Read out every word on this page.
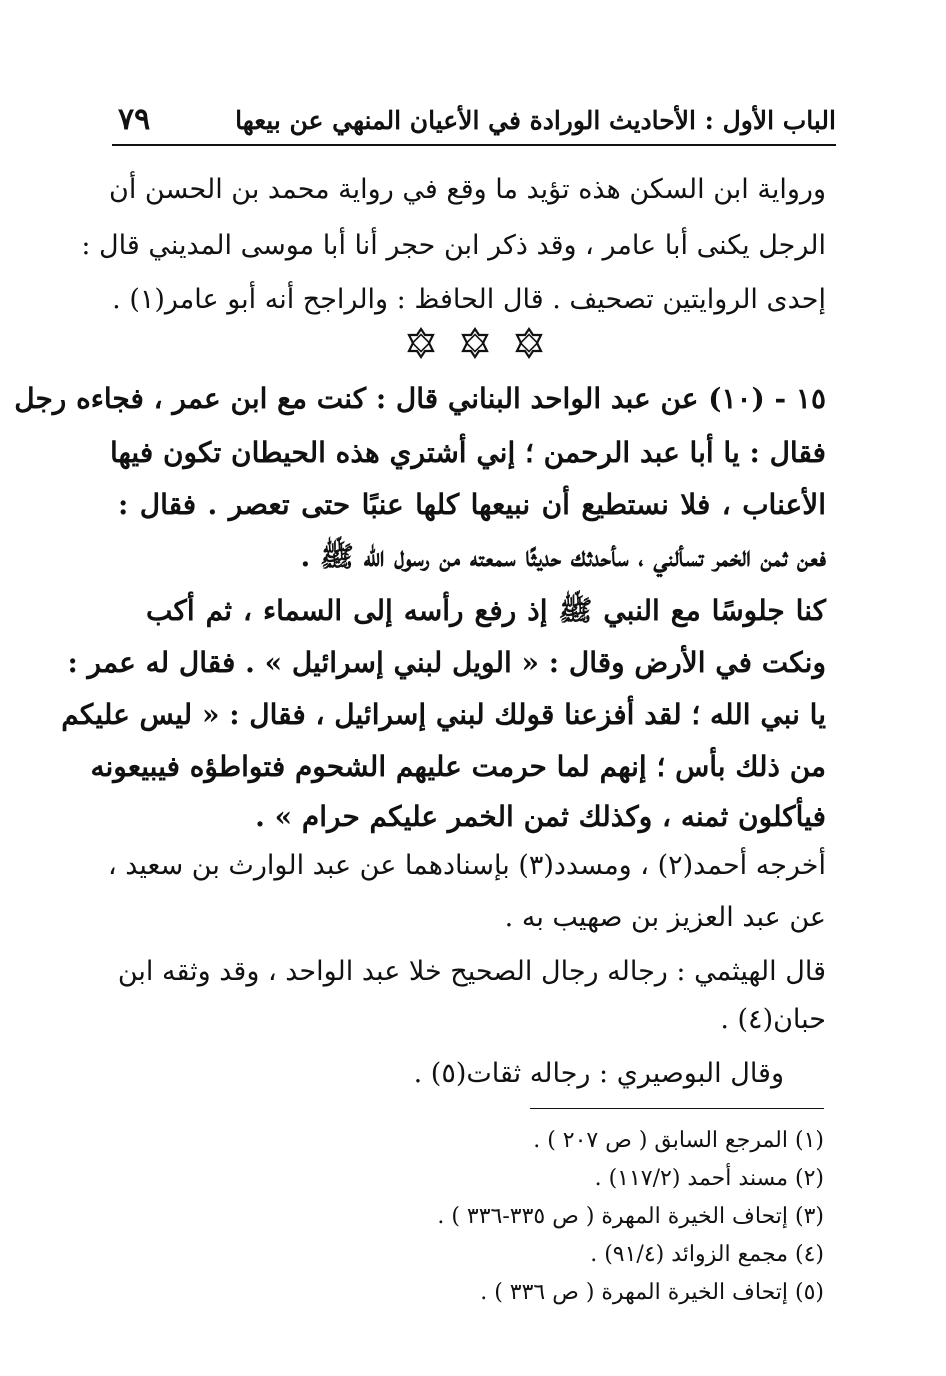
الباب الأول : الأحاديث الورادة في الأعيان المنهي عن بيعها
٧٩
ورواية ابن السكن هذه تؤيد ما وقع في رواية محمد بن الحسن أن
الرجل يكنى أبا عامر ، وقد ذكر ابن حجر أنا أبا موسى المديني قال :
إحدى الروايتين تصحيف . قال الحافظ : والراجح أنه أبو عامر(١) .
١٥ - (١٠) عن عبد الواحد البناني قال : كنت مع ابن عمر ، فجاءه رجل
فقال : يا أبا عبد الرحمن ؛ إني أشتري هذه الحيطان تكون فيها
الأعناب ، فلا نستطيع أن نبيعها كلها عنبًا حتى تعصر . فقال :
فعن ثمن الخمر تسألني ، سأحدثك حديثًا سمعته من رسول الله ﷺ .
كنا جلوسًا مع النبي ﷺ إذ رفع رأسه إلى السماء ، ثم أكب
ونكت في الأرض وقال : « الويل لبني إسرائيل » . فقال له عمر :
يا نبي الله ؛ لقد أفزعنا قولك لبني إسرائيل ، فقال : « ليس عليكم
من ذلك بأس ؛ إنهم لما حرمت عليهم الشحوم فتواطؤه فيبيعونه
فيأكلون ثمنه ، وكذلك ثمن الخمر عليكم حرام » .
أخرجه أحمد(٢) ، ومسدد(٣) بإسنادهما عن عبد الوارث بن سعيد ،
عن عبد العزيز بن صهيب به .
قال الهيثمي : رجاله رجال الصحيح خلا عبد الواحد ، وقد وثقه ابن
حبان(٤) .
وقال البوصيري : رجاله ثقات(٥) .
(١) المرجع السابق ( ص ٢٠٧ ) .
(٢) مسند أحمد (١١٧/٢) .
(٣) إتحاف الخيرة المهرة ( ص ٣٣٥-٣٣٦ ) .
(٤) مجمع الزوائد (٩١/٤) .
(٥) إتحاف الخيرة المهرة ( ص ٣٣٦ ) .
